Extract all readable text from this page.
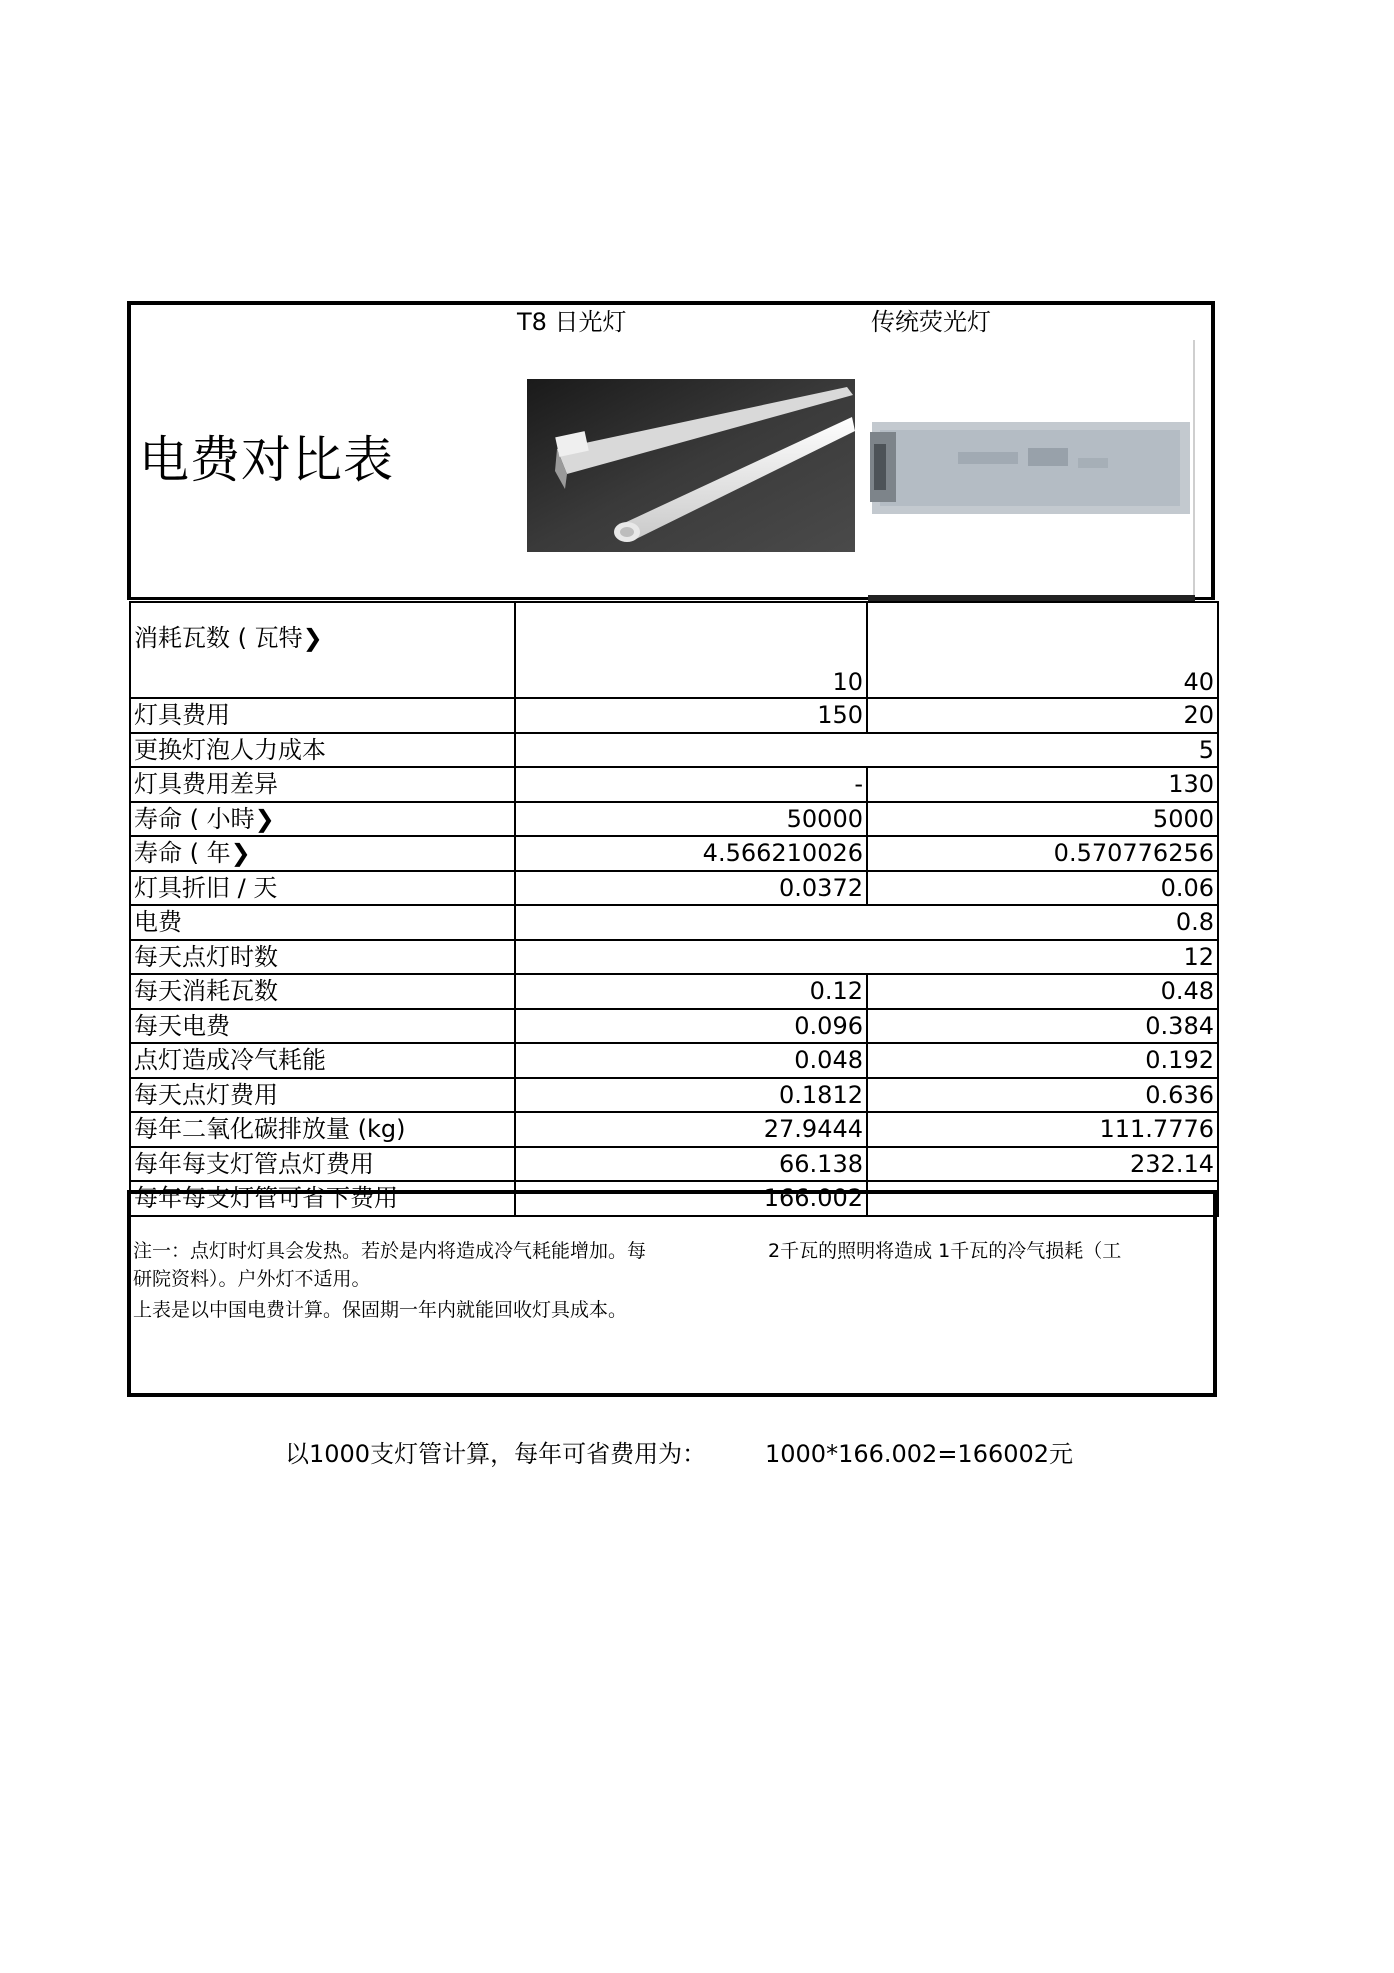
T8 日光灯	传统荧光灯
电费对比表
消耗瓦数 ( 瓦特❯	10	40
灯具费用	150	20
更换灯泡人力成本	5	
灯具费用差异	-	130
寿命 ( 小時❯	50000	5000
寿命 ( 年❯	4.566210026	0.570776256
灯具折旧 / 天	0.0372	0.06
电费	0.8	
每天点灯时数	12	
每天消耗瓦数	0.12	0.48
每天电费	0.096	0.384
点灯造成冷气耗能	0.048	0.192
每天点灯费用	0.1812	0.636
每年二氧化碳排放量 (kg)	27.9444	111.7776
每年每支灯管点灯费用	66.138	232.14
每年每支灯管可省下费用	166.002	
注一：点灯时灯具会发热。若於是内将造成冷气耗能增加。每	2千瓦的照明将造成 1千瓦的冷气损耗（工
研院资料）。户外灯不适用。
上表是以中国电费计算。保固期一年内就能回收灯具成本。
以1000支灯管计算，每年可省费用为： 1000*166.002=166002元
